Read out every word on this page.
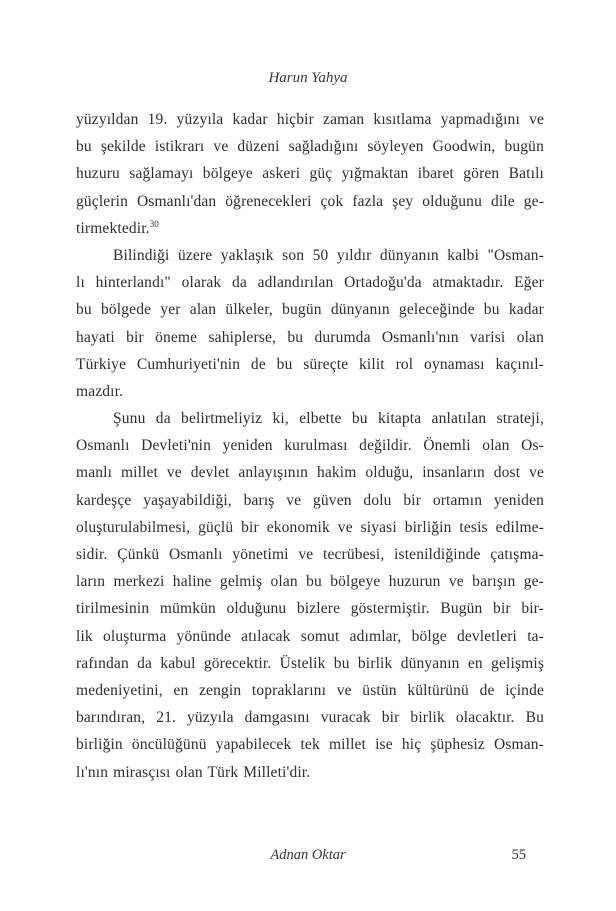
Harun Yahya
yüzyıldan 19. yüzyıla kadar hiçbir zaman kısıtlama yapmadığını ve
bu şekilde istikrarı ve düzeni sağladığını söyleyen Goodwin, bugün
huzuru sağlamayı bölgeye askeri güç yığmaktan ibaret gören Batılı
güçlerin Osmanlı'dan öğrenecekleri çok fazla şey olduğunu dile ge-
tirmektedir.$^{30}$
Bilindiği üzere yaklaşık son 50 yıldır dünyanın kalbi "Osman-
lı hinterlandı" olarak da adlandırılan Ortadoğu'da atmaktadır. Eğer
bu bölgede yer alan ülkeler, bugün dünyanın geleceğinde bu kadar
hayati bir öneme sahiplerse, bu durumda Osmanlı'nın varisi olan
Türkiye Cumhuriyeti'nin de bu süreçte kilit rol oynaması kaçınıl-
mazdır.
Şunu da belirtmeliyiz ki, elbette bu kitapta anlatılan strateji,
Osmanlı Devleti'nin yeniden kurulması değildir. Önemli olan Os-
manlı millet ve devlet anlayışının hakim olduğu, insanların dost ve
kardeşçe yaşayabildiği, barış ve güven dolu bir ortamın yeniden
oluşturulabilmesi, güçlü bir ekonomik ve siyasi birliğin tesis edilme-
sidir. Çünkü Osmanlı yönetimi ve tecrübesi, istenildiğinde çatışma-
ların merkezi haline gelmiş olan bu bölgeye huzurun ve barışın ge-
tirilmesinin mümkün olduğunu bizlere göstermiştir. Bugün bir bir-
lik oluşturma yönünde atılacak somut adımlar, bölge devletleri ta-
rafından da kabul görecektir. Üstelik bu birlik dünyanın en gelişmiş
medeniyetini, en zengin topraklarını ve üstün kültürünü de içinde
barındıran, 21. yüzyıla damgasını vuracak bir birlik olacaktır. Bu
birliğin öncülüğünü yapabilecek tek millet ise hiç şüphesiz Osman-
lı'nın mirasçısı olan Türk Milleti'dir.
Adnan Oktar	55
